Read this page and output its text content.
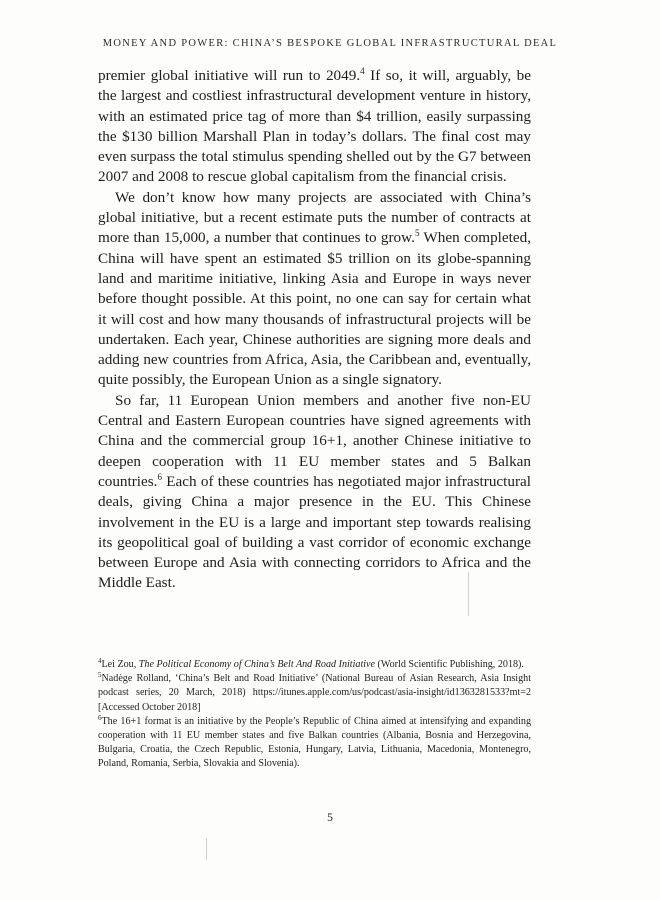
MONEY AND POWER: CHINA’S BESPOKE GLOBAL INFRASTRUCTURAL DEAL

premier global initiative will run to 2049.$^4$ If so, it will, arguably, be the largest and costliest infrastructural development venture in history, with an estimated price tag of more than $4 trillion, easily surpassing the $130 billion Marshall Plan in today’s dollars. The final cost may even surpass the total stimulus spending shelled out by the G7 between 2007 and 2008 to rescue global capitalism from the financial crisis.

We don’t know how many projects are associated with China’s global initiative, but a recent estimate puts the number of contracts at more than 15,000, a number that continues to grow.$^5$ When completed, China will have spent an estimated $5 trillion on its globe-spanning land and maritime initiative, linking Asia and Europe in ways never before thought possible. At this point, no one can say for certain what it will cost and how many thousands of infrastructural projects will be undertaken. Each year, Chinese authorities are signing more deals and adding new countries from Africa, Asia, the Caribbean and, eventually, quite possibly, the European Union as a single signatory.

So far, 11 European Union members and another five non-EU Central and Eastern European countries have signed agreements with China and the commercial group 16+1, another Chinese initiative to deepen cooperation with 11 EU member states and 5 Balkan countries.$^6$ Each of these countries has negotiated major infrastructural deals, giving China a major presence in the EU. This Chinese involvement in the EU is a large and important step towards realising its geopolitical goal of building a vast corridor of economic exchange between Europe and Asia with connecting corridors to Africa and the Middle East.

$^4$Lei Zou, The Political Economy of China’s Belt And Road Initiative (World Scientific Publishing, 2018).

$^5$Nadège Rolland, ‘China’s Belt and Road Initiative’ (National Bureau of Asian Research, Asia Insight podcast series, 20 March, 2018) https://itunes.apple.com/us/podcast/asia-insight/id1363281533?mt=2 [Accessed October 2018]

$^6$The 16+1 format is an initiative by the People’s Republic of China aimed at intensifying and expanding cooperation with 11 EU member states and five Balkan countries (Albania, Bosnia and Herzegovina, Bulgaria, Croatia, the Czech Republic, Estonia, Hungary, Latvia, Lithuania, Macedonia, Montenegro, Poland, Romania, Serbia, Slovakia and Slovenia).

5
